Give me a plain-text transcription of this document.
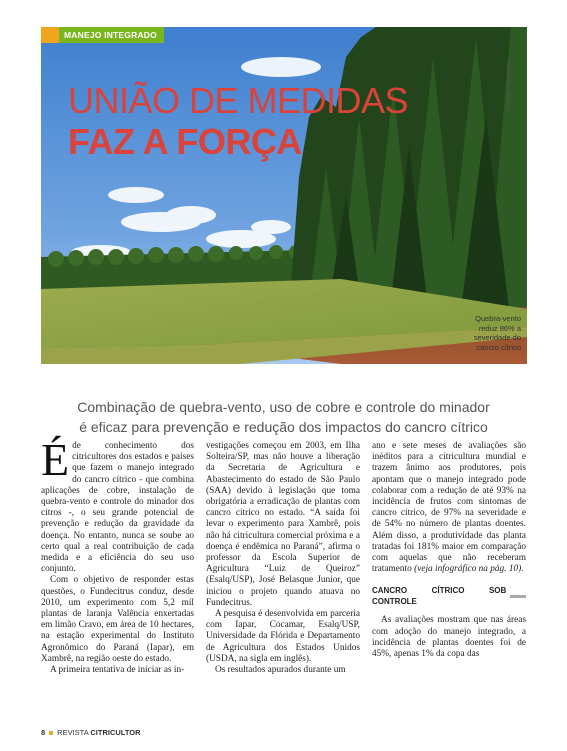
MANEJO INTEGRADO
UNIÃO DE MEDIDAS
FAZ A FORÇA
Foto Alex Fundecitrus
Quebra-vento
reduz 86% a
severidade do
cancro cítrico
Combinação de quebra-vento, uso de cobre e controle do minador
é eficaz para prevenção e redução dos impactos do cancro cítrico

Éde conhecimento dos citricultores dos estados e países que fazem o manejo integrado do cancro cítrico - que combina aplicações de cobre, instalação de quebra-vento e controle do minador dos citros -, o seu grande potencial de prevenção e redução da gravidade da doença. No entanto, nunca se soube ao certo qual a real contribuição de cada medida e a eficiência do seu uso conjunto.

Com o objetivo de responder estas questões, o Fundecitrus conduz, desde 2010, um experimento com 5,2 mil plantas de laranja Valência enxertadas em limão Cravo, em área de 10 hectares, na estação experimental do Instituto Agronômico do Paraná (Iapar), em Xambrê, na região oeste do estado.

A primeira tentativa de iniciar as in-

vestigações começou em 2003, em Ilha Solteira/SP, mas não houve a liberação da Secretaria de Agricultura e Abastecimento do estado de São Paulo (SAA) devido à legislação que toma obrigatória a erradicação de plantas com cancro cítrico no estado. “A saída foi levar o experimento para Xambrê, pois não há citricultura comercial próxima e a doença é endêmica no Paraná”, afirma o professor da Escola Superior de Agricultura “Luiz de Queiroz” (Esalq/USP), José Belasque Junior, que iniciou o projeto quando atuava no Fundecitrus.

A pesquisa é desenvolvida em parceria com Iapar, Cocamar, Esalq/USP, Universidade da Flórida e Departamento de Agricultura dos Estados Unidos (USDA, na sigla em inglês).

Os resultados apurados durante um

ano e sete meses de avaliações são inéditos para a citricultura mundial e trazem ânimo aos produtores, pois apontam que o manejo integrado pode colaborar com a redução de até 93% na incidência de frutos com sintomas de cancro cítrico, de 97% na severidade e de 54% no número de plantas doentes. Além disso, a produtividade das planta tratadas foi 181% maior em comparação com aquelas que não receberam tratamento (veja infográfico na pág. 10).

CANCRO CÍTRICO SOB CONTROLE

As avaliações mostram que nas áreas com adoção do manejo integrado, a incidência de plantas doentes foi de 45%, apenas 1% da copa das

8 REVISTA CITRICULTOR
